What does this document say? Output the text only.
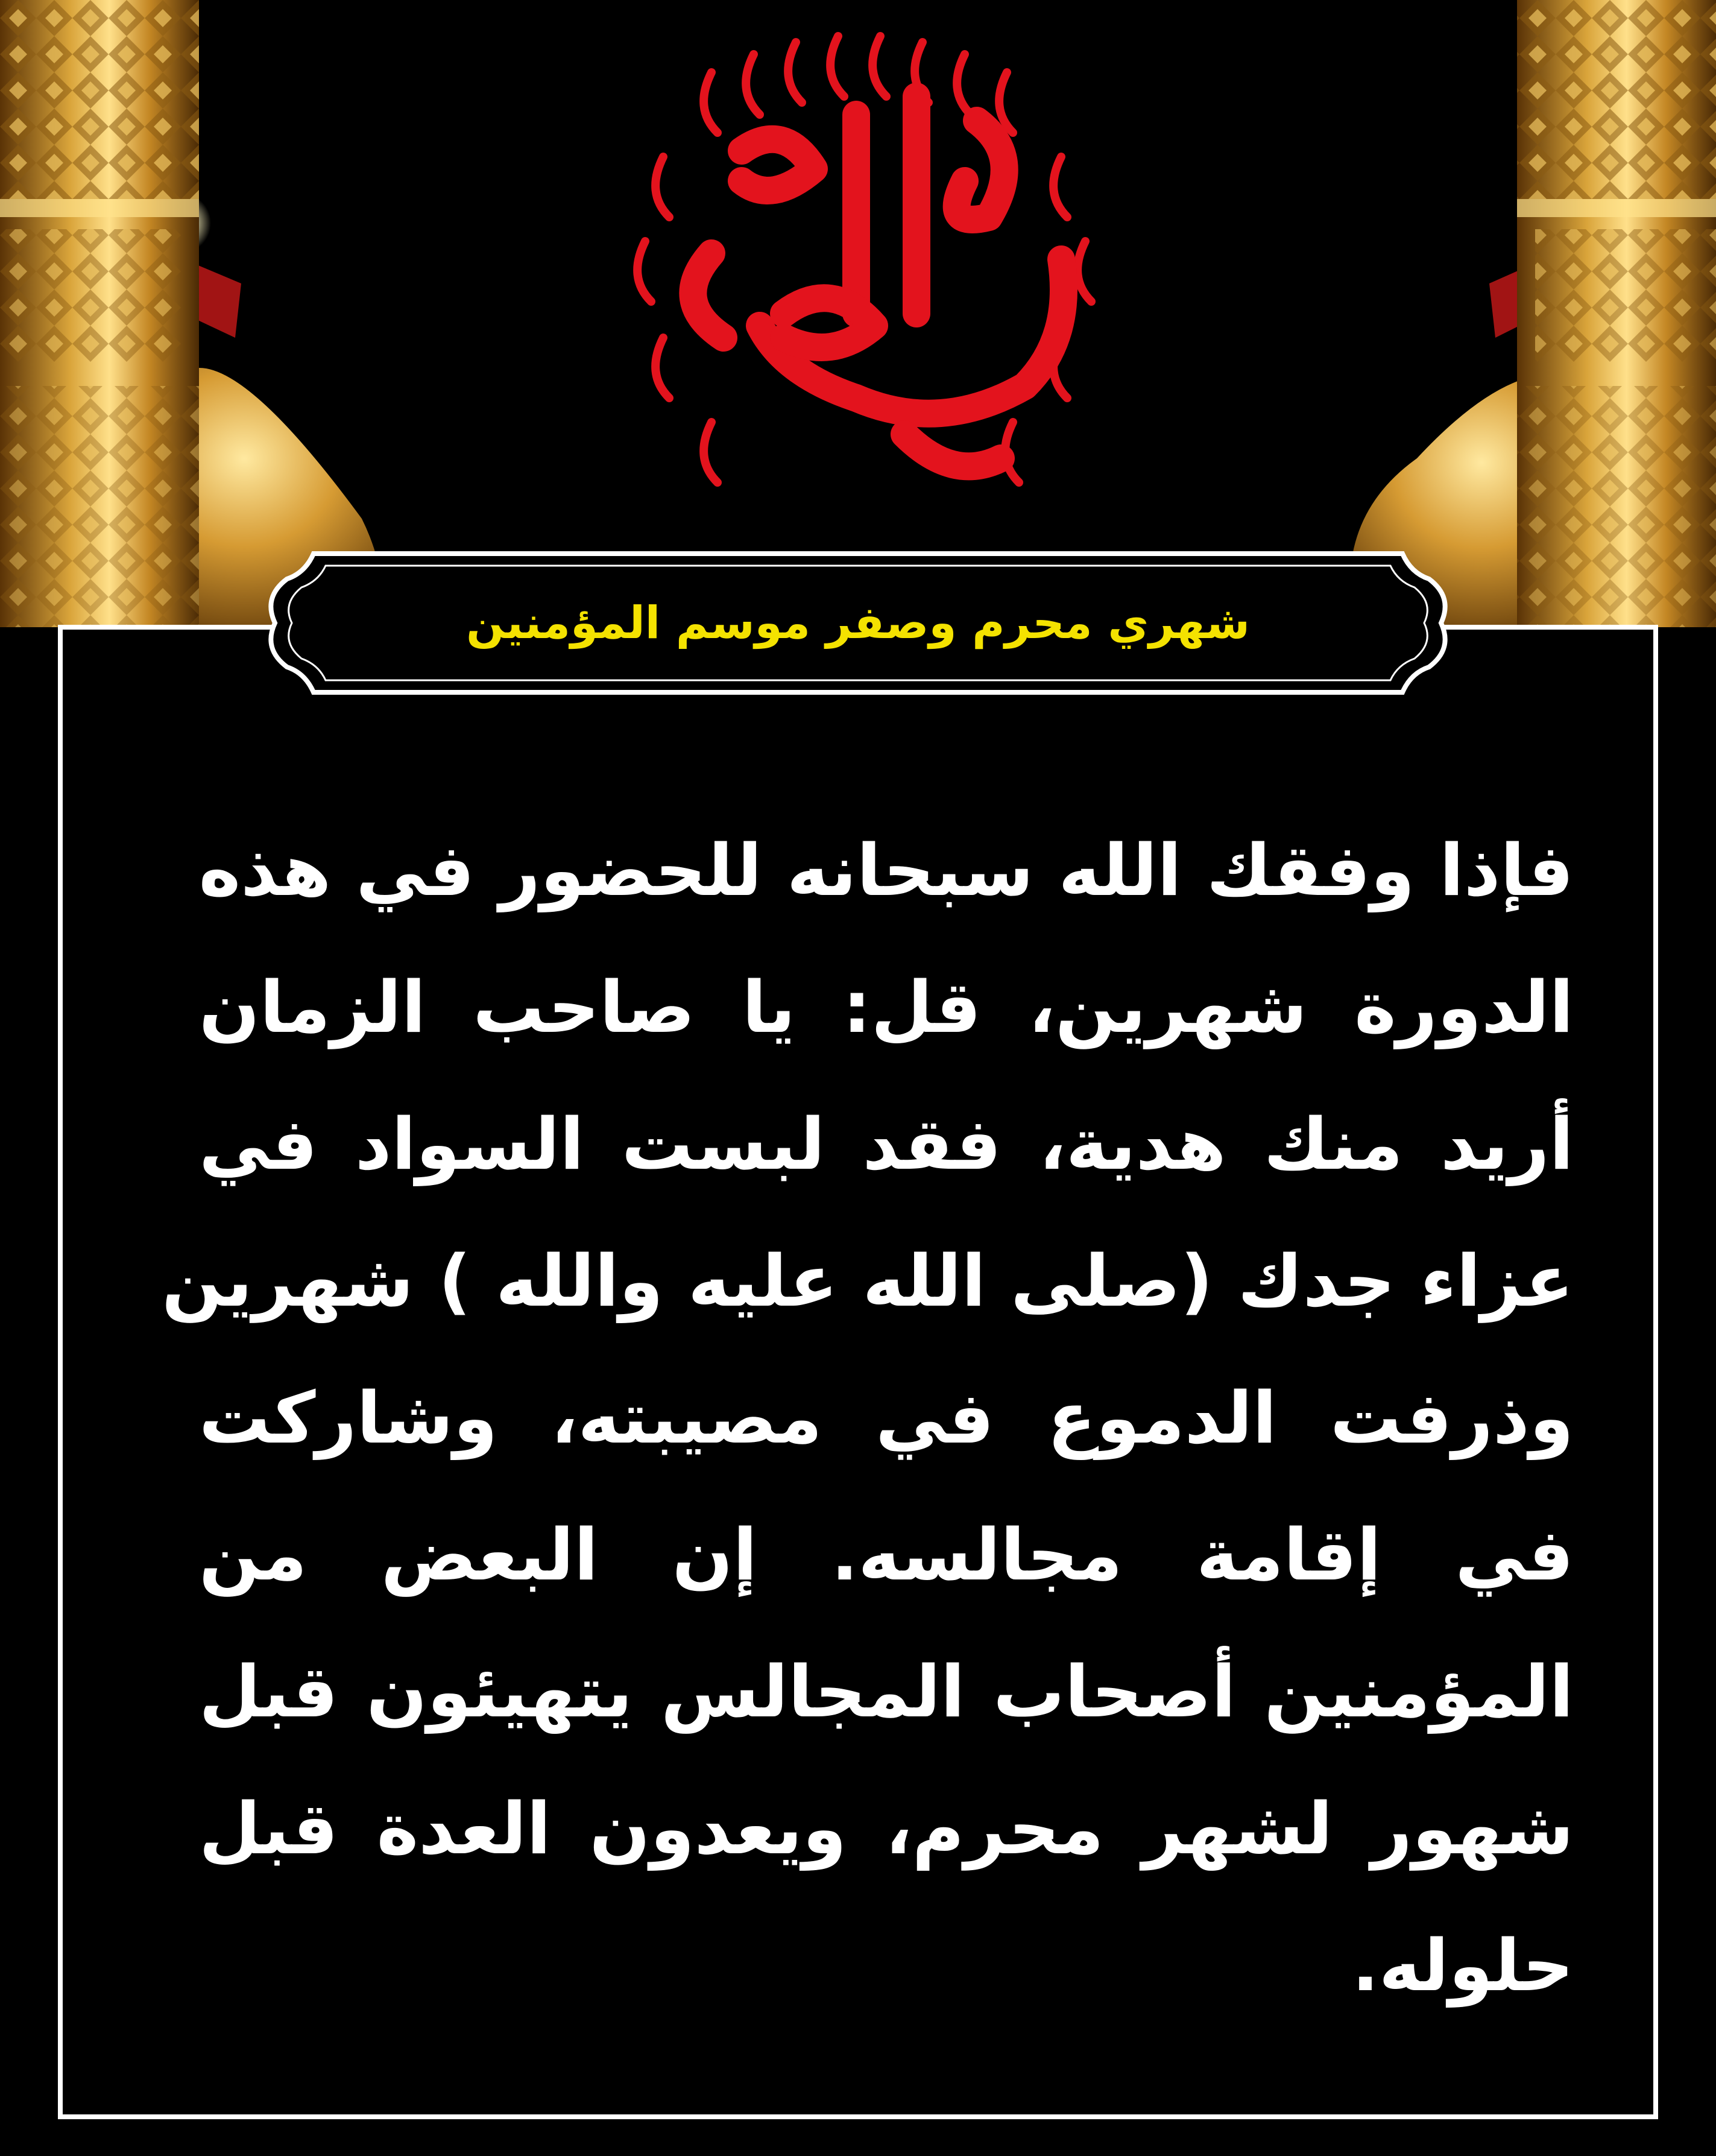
شهري محرم وصفر موسم المؤمنين
فإذا وفقك الله سبحانه للحضور في هذه
الدورة شهرين، قل: يا صاحب الزمان
أريد منك هدية، فقد لبست السواد في
عزاء جدك (صلى الله عليه والله ) شهرين
وذرفت الدموع في مصيبته، وشاركت
في إقامة مجالسه. إن البعض من
المؤمنين أصحاب المجالس يتهيئون قبل
شهور لشهر محرم، ويعدون العدة قبل
حلوله.
